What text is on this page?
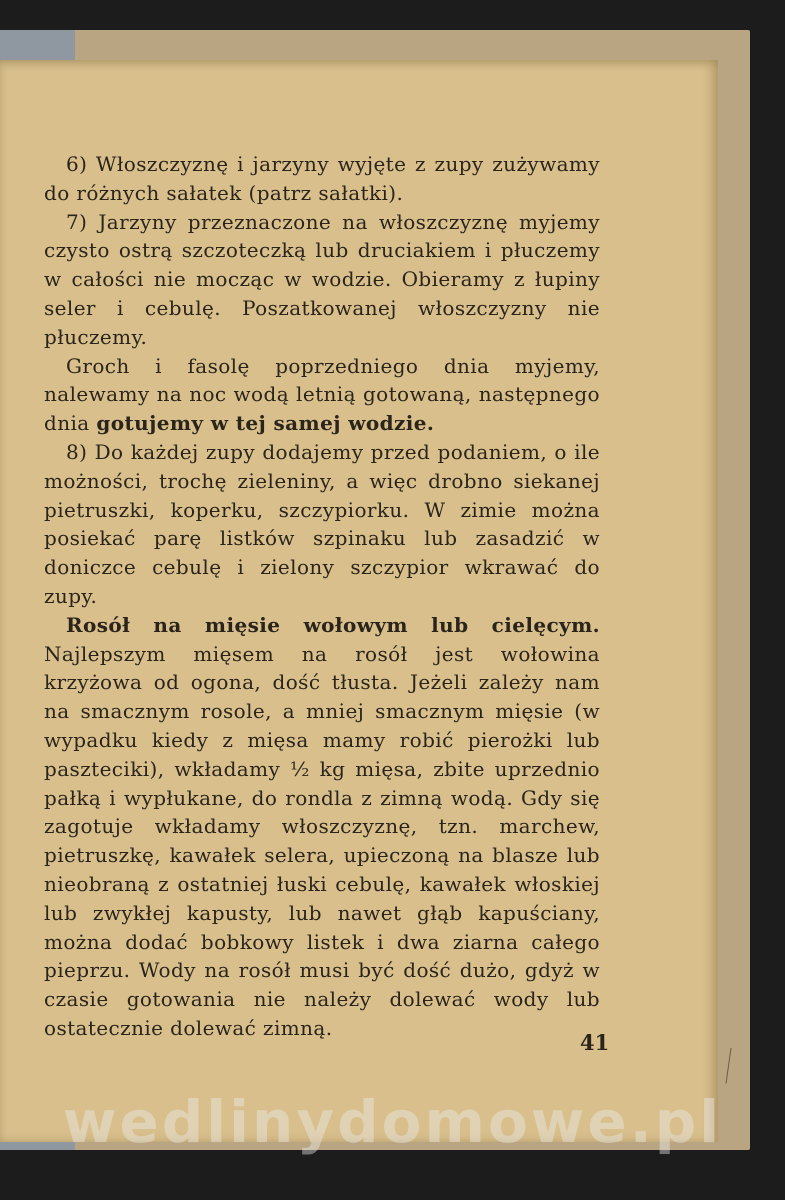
6) Włoszczyznę i jarzyny wyjęte z zupy zużywamy do różnych sałatek (patrz sałatki).

7) Jarzyny przeznaczone na włoszczyznę myjemy czysto ostrą szczoteczką lub druciakiem i płuczemy w całości nie mocząc w wodzie. Obieramy z łupiny seler i cebulę. Poszatkowanej włoszczyzny nie płuczemy.

Groch i fasolę poprzedniego dnia myjemy, nalewamy na noc wodą letnią gotowaną, następnego dnia gotujemy w tej samej wodzie.

8) Do każdej zupy dodajemy przed podaniem, o ile możności, trochę zieleniny, a więc drobno siekanej pietruszki, koperku, szczypiorku. W zimie można posiekać parę listków szpinaku lub zasadzić w doniczce cebulę i zielony szczypior wkrawać do zupy.

Rosół na mięsie wołowym lub cielęcym. Najlepszym mięsem na rosół jest wołowina krzyżowa od ogona, dość tłusta. Jeżeli zależy nam na smacznym rosole, a mniej smacznym mięsie (w wypadku kiedy z mięsa mamy robić pierożki lub paszteciki), wkładamy ½ kg mięsa, zbite uprzednio pałką i wypłukane, do rondla z zimną wodą. Gdy się zagotuje wkładamy włoszczyznę, tzn. marchew, pietruszkę, kawałek selera, upieczoną na blasze lub nieobraną z ostatniej łuski cebulę, kawałek włoskiej lub zwykłej kapusty, lub nawet głąb kapuściany, można dodać bobkowy listek i dwa ziarna całego pieprzu. Wody na rosół musi być dość dużo, gdyż w czasie gotowania nie należy dolewać wody lub ostatecznie dolewać zimną.

41
wedlinydomowe.pl
